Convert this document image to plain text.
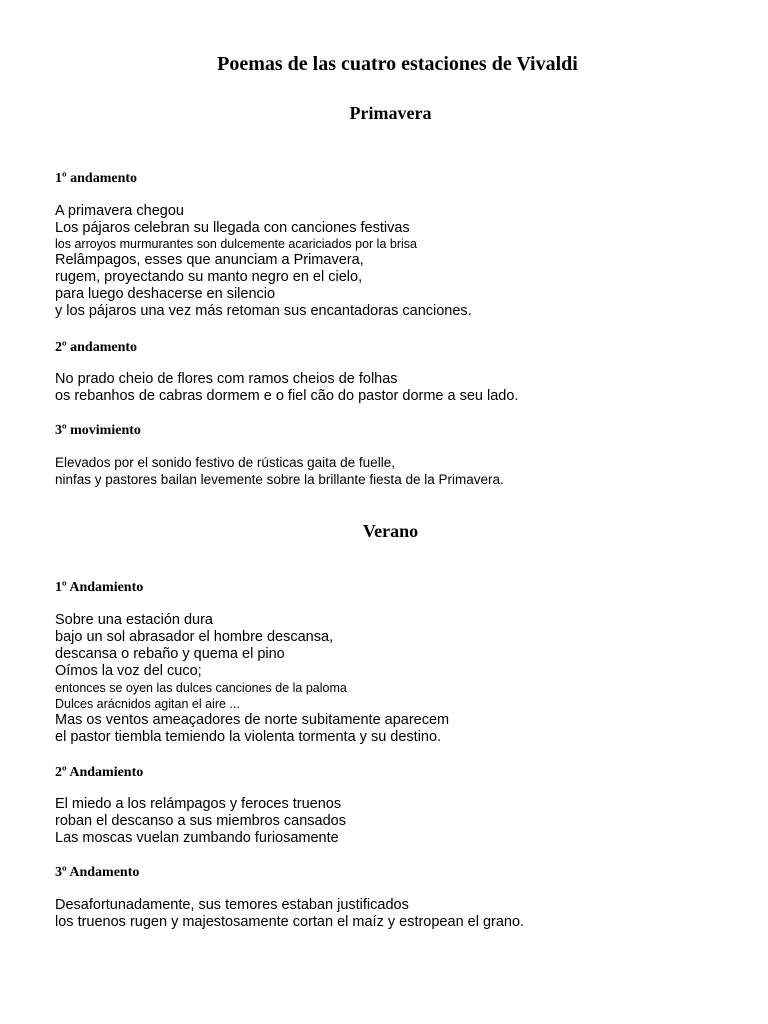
Poemas de las cuatro estaciones de Vivaldi
Primavera
1º andamento
A primavera chegou
Los pájaros celebran su llegada con canciones festivas
los arroyos murmurantes son dulcemente acariciados por la brisa
Relâmpagos, esses que anunciam a Primavera,
rugem, proyectando su manto negro en el cielo,
para luego deshacerse en silencio
y los pájaros una vez más retoman sus encantadoras canciones.
2º andamento
No prado cheio de flores com ramos cheios de folhas
os rebanhos de cabras dormem e o fiel cão do pastor dorme a seu lado.
3º movimiento
Elevados por el sonido festivo de rústicas gaita de fuelle,
ninfas y pastores bailan levemente sobre la brillante fiesta de la Primavera.
Verano
1º Andamiento
Sobre una estación dura
bajo un sol abrasador el hombre descansa,
descansa o rebaño y quema el pino
Oímos la voz del cuco;
entonces se oyen las dulces canciones de la paloma
Dulces arácnidos agitan el aire ...
Mas os ventos ameaçadores de norte subitamente aparecem
el pastor tiembla temiendo la violenta tormenta y su destino.
2º Andamiento
El miedo a los relámpagos y feroces truenos
roban el descanso a sus miembros cansados
Las moscas vuelan zumbando furiosamente
3º Andamento
Desafortunadamente, sus temores estaban justificados
los truenos rugen y majestosamente cortan el maíz y estropean el grano.
